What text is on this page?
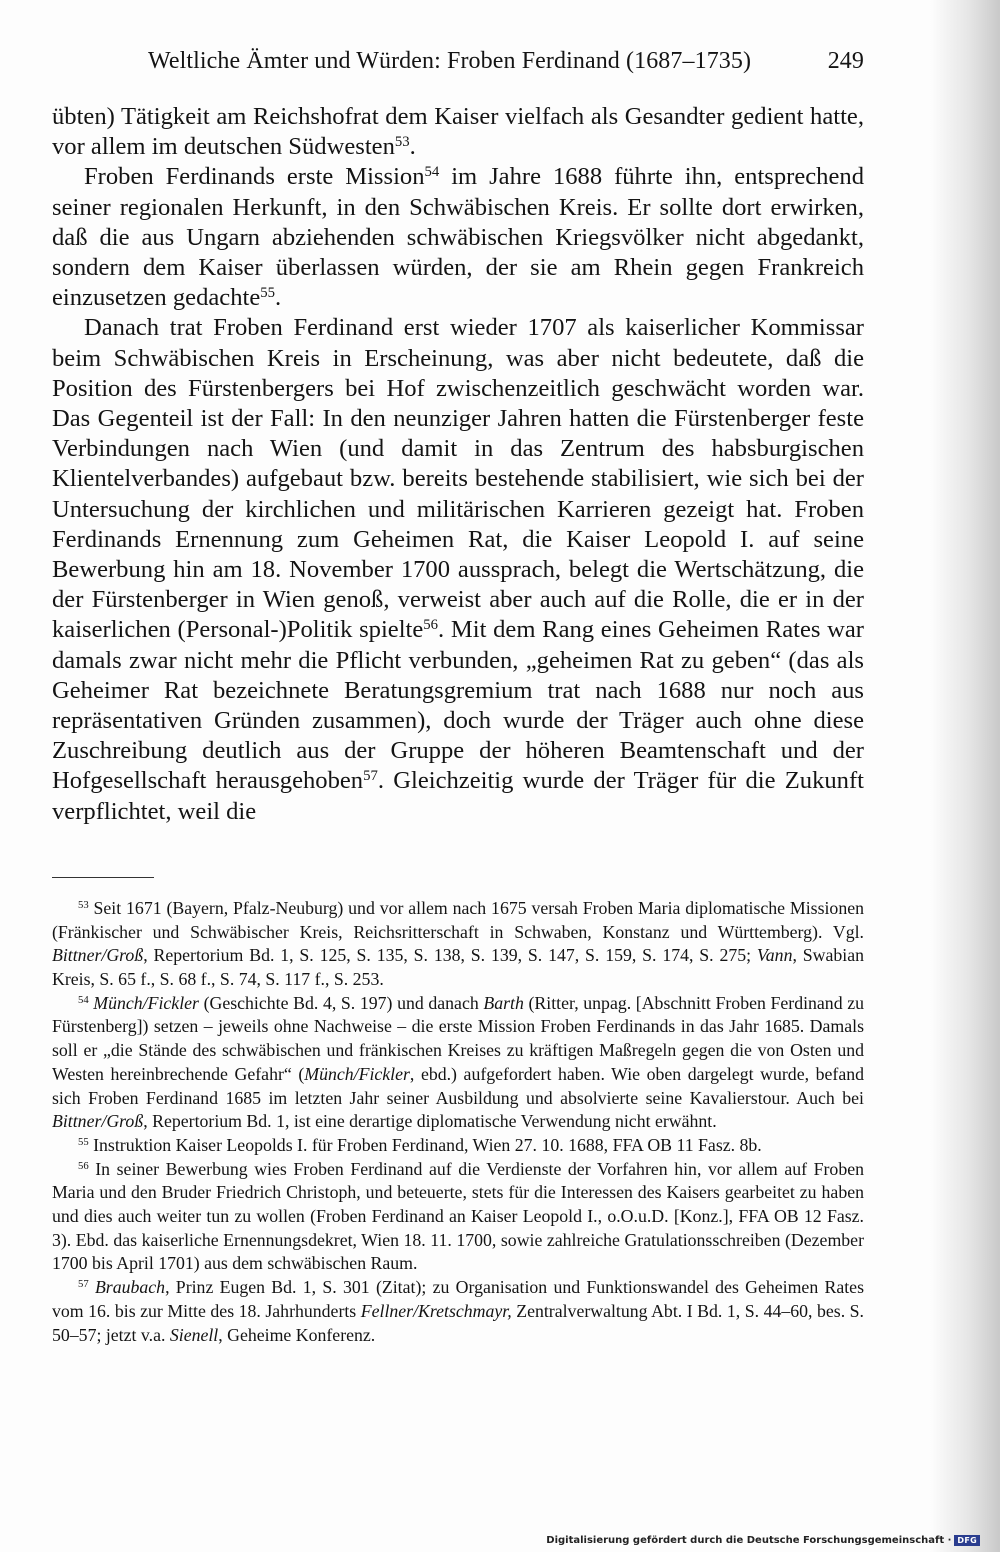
Weltliche Ämter und Würden: Froben Ferdinand (1687–1735)	249

übten) Tätigkeit am Reichshofrat dem Kaiser vielfach als Gesandter gedient hatte, vor allem im deutschen Südwesten$^{53}$.

Froben Ferdinands erste Mission$^{54}$ im Jahre 1688 führte ihn, entsprechend seiner regionalen Herkunft, in den Schwäbischen Kreis. Er sollte dort erwirken, daß die aus Ungarn abziehenden schwäbischen Kriegsvölker nicht abgedankt, sondern dem Kaiser überlassen würden, der sie am Rhein gegen Frankreich einzusetzen gedachte$^{55}$.

Danach trat Froben Ferdinand erst wieder 1707 als kaiserlicher Kommissar beim Schwäbischen Kreis in Erscheinung, was aber nicht bedeutete, daß die Position des Fürstenbergers bei Hof zwischenzeitlich geschwächt worden war. Das Gegenteil ist der Fall: In den neunziger Jahren hatten die Fürstenberger feste Verbindungen nach Wien (und damit in das Zentrum des habsburgischen Klientelverbandes) aufgebaut bzw. bereits bestehende stabilisiert, wie sich bei der Untersuchung der kirchlichen und militärischen Karrieren gezeigt hat. Froben Ferdinands Ernennung zum Geheimen Rat, die Kaiser Leopold I. auf seine Bewerbung hin am 18. November 1700 aussprach, belegt die Wertschätzung, die der Fürstenberger in Wien genoß, verweist aber auch auf die Rolle, die er in der kaiserlichen (Personal-)Politik spielte$^{56}$. Mit dem Rang eines Geheimen Rates war damals zwar nicht mehr die Pflicht verbunden, „geheimen Rat zu geben“ (das als Geheimer Rat bezeichnete Beratungsgremium trat nach 1688 nur noch aus repräsentativen Gründen zusammen), doch wurde der Träger auch ohne diese Zuschreibung deutlich aus der Gruppe der höheren Beamtenschaft und der Hofgesellschaft herausgehoben$^{57}$. Gleichzeitig wurde der Träger für die Zukunft verpflichtet, weil die

$^{53}$ Seit 1671 (Bayern, Pfalz-Neuburg) und vor allem nach 1675 versah Froben Maria diplomatische Missionen (Fränkischer und Schwäbischer Kreis, Reichsritterschaft in Schwaben, Konstanz und Württemberg). Vgl. Bittner/Groß, Repertorium Bd. 1, S. 125, S. 135, S. 138, S. 139, S. 147, S. 159, S. 174, S. 275; Vann, Swabian Kreis, S. 65 f., S. 68 f., S. 74, S. 117 f., S. 253.

$^{54}$ Münch/Fickler (Geschichte Bd. 4, S. 197) und danach Barth (Ritter, unpag. [Abschnitt Froben Ferdinand zu Fürstenberg]) setzen – jeweils ohne Nachweise – die erste Mission Froben Ferdinands in das Jahr 1685. Damals soll er „die Stände des schwäbischen und fränkischen Kreises zu kräftigen Maßregeln gegen die von Osten und Westen hereinbrechende Gefahr“ (Münch/Fickler, ebd.) aufgefordert haben. Wie oben dargelegt wurde, befand sich Froben Ferdinand 1685 im letzten Jahr seiner Ausbildung und absolvierte seine Kavalierstour. Auch bei Bittner/Groß, Repertorium Bd. 1, ist eine derartige diplomatische Verwendung nicht erwähnt.

$^{55}$ Instruktion Kaiser Leopolds I. für Froben Ferdinand, Wien 27. 10. 1688, FFA OB 11 Fasz. 8b.

$^{56}$ In seiner Bewerbung wies Froben Ferdinand auf die Verdienste der Vorfahren hin, vor allem auf Froben Maria und den Bruder Friedrich Christoph, und beteuerte, stets für die Interessen des Kaisers gearbeitet zu haben und dies auch weiter tun zu wollen (Froben Ferdinand an Kaiser Leopold I., o.O.u.D. [Konz.], FFA OB 12 Fasz. 3). Ebd. das kaiserliche Ernennungsdekret, Wien 18. 11. 1700, sowie zahlreiche Gratulationsschreiben (Dezember 1700 bis April 1701) aus dem schwäbischen Raum.

$^{57}$ Braubach, Prinz Eugen Bd. 1, S. 301 (Zitat); zu Organisation und Funktionswandel des Geheimen Rates vom 16. bis zur Mitte des 18. Jahrhunderts Fellner/Kretschmayr, Zentralverwaltung Abt. I Bd. 1, S. 44–60, bes. S. 50–57; jetzt v.a. Sienell, Geheime Konferenz.

Digitalisierung gefördert durch die Deutsche Forschungsgemeinschaft · DFG
